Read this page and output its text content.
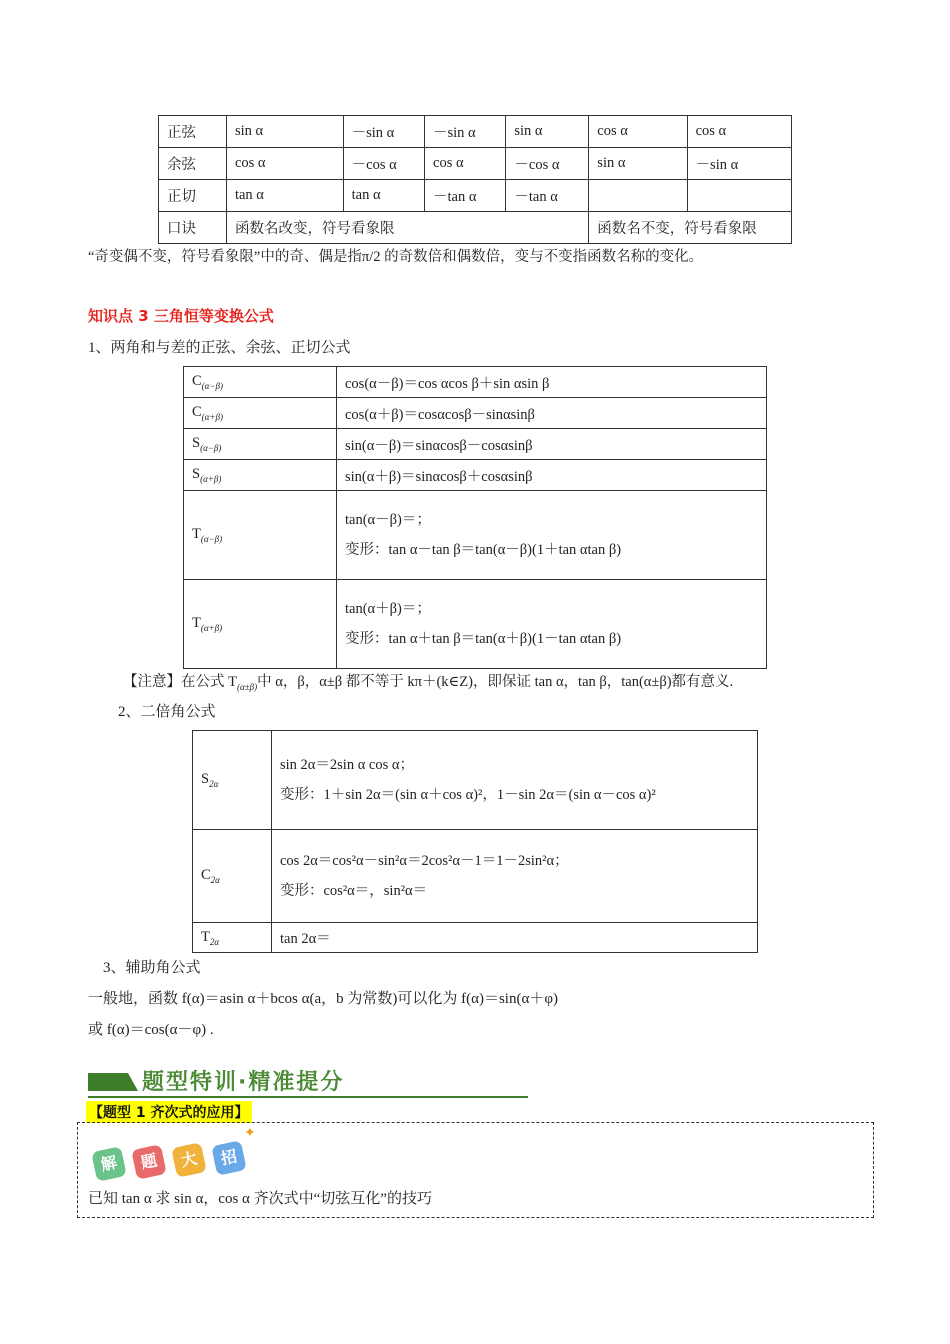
正弦	sin α	－sin α	－sin α	sin α	cos α	cos α
余弦	cos α	－cos α	cos α	－cos α	sin α	－sin α
正切	tan α	tan α	－tan α	－tan α		
口诀	函数名改变，符号看象限				函数名不变，符号看象限	
“奇变偶不变，符号看象限”中的奇、偶是指π/2 的奇数倍和偶数倍，变与不变指函数名称的变化。
知识点 3 三角恒等变换公式
1、两角和与差的正弦、余弦、正切公式
$C_{(\alpha-\beta)}$	cos(α－β)＝cos αcos β＋sin αsin β
$C_{(\alpha+\beta)}$	cos(α＋β)＝cosαcosβ－sinαsinβ
$S_{(\alpha-\beta)}$	sin(α－β)＝sinαcosβ－cosαsinβ
$S_{(\alpha+\beta)}$	sin(α＋β)＝sinαcosβ＋cosαsinβ
$T_{(\alpha-\beta)}$	tan(α－β)＝；
变形：tan α－tan β＝tan(α－β)(1＋tan αtan β)

$T_{(\alpha+\beta)}$	tan(α＋β)＝；
变形：tan α＋tan β＝tan(α＋β)(1－tan αtan β)
【注意】在公式 $T_{(\alpha\pm\beta)}$中 α，β，α±β 都不等于 kπ＋(k∈Z)，即保证 tan α，tan β，tan(α±β)都有意义.
2、二倍角公式
$S_{2\alpha}$	sin 2α＝2sin α cos α；
变形：1＋sin 2α＝(sin α＋cos α)²，1－sin 2α＝(sin α－cos α)²

$C_{2\alpha}$	cos 2α＝cos²α－sin²α＝2cos²α－1＝1－2sin²α；
变形：cos²α＝，sin²α＝

$T_{2\alpha}$	tan 2α＝
3、辅助角公式
一般地，函数 f(α)＝asin α＋bcos α(a，b 为常数)可以化为 f(α)＝sin(α＋φ)
或 f(α)＝cos(α－φ) .
题型特训·精准提分
【题型 1 齐次式的应用】
解	题	大	招
✦
已知 tan α 求 sin α，cos α 齐次式中“切弦互化”的技巧
